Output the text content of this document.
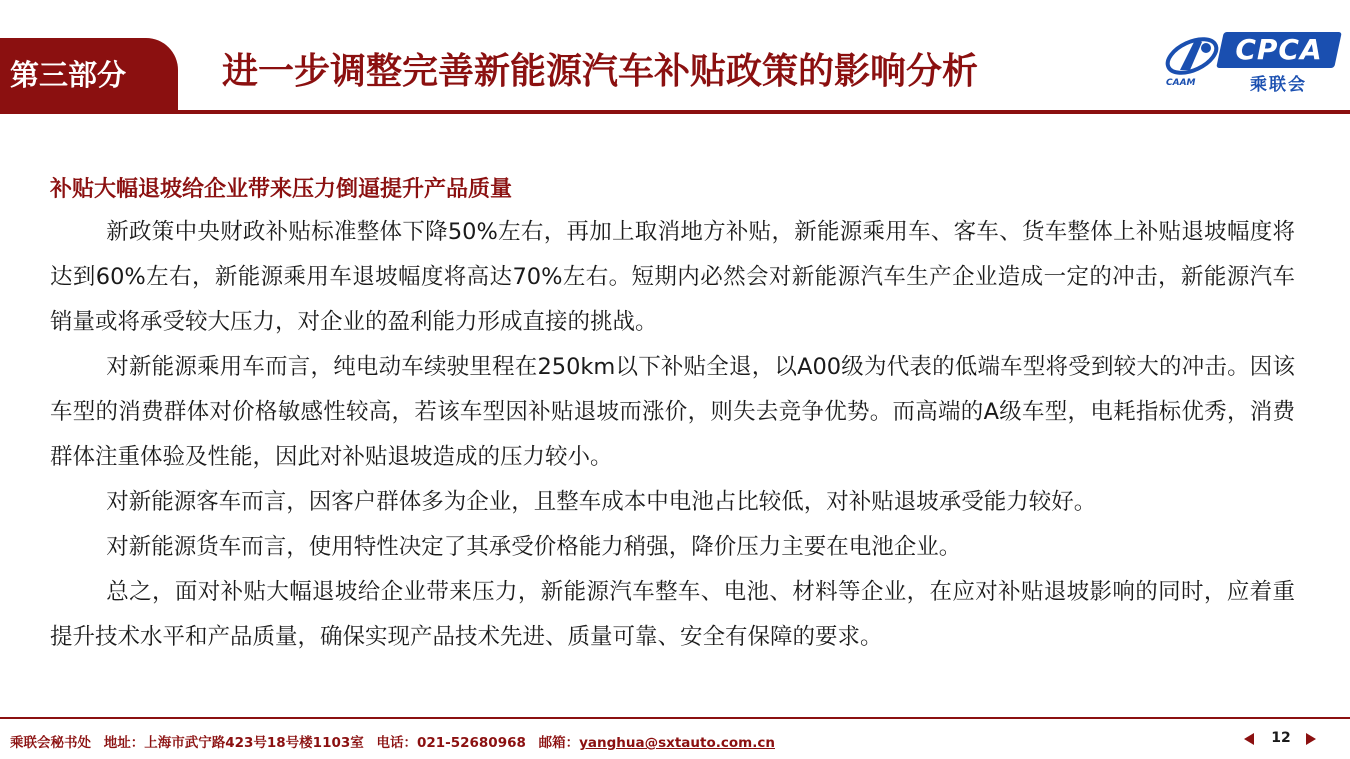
第三部分	进一步调整完善新能源汽车补贴政策的影响分析	CAAM
CPCA
乘联会

补贴大幅退坡给企业带来压力倒逼提升产品质量

新政策中央财政补贴标准整体下降50%左右，再加上取消地方补贴，新能源乘用车、客车、货车整体上补贴退坡幅度将达到60%左右，新能源乘用车退坡幅度将高达70%左右。短期内必然会对新能源汽车生产企业造成一定的冲击，新能源汽车销量或将承受较大压力，对企业的盈利能力形成直接的挑战。

对新能源乘用车而言，纯电动车续驶里程在250km以下补贴全退，以A00级为代表的低端车型将受到较大的冲击。因该车型的消费群体对价格敏感性较高，若该车型因补贴退坡而涨价，则失去竞争优势。而高端的A级车型，电耗指标优秀，消费群体注重体验及性能，因此对补贴退坡造成的压力较小。

对新能源客车而言，因客户群体多为企业，且整车成本中电池占比较低，对补贴退坡承受能力较好。

对新能源货车而言，使用特性决定了其承受价格能力稍强，降价压力主要在电池企业。

总之，面对补贴大幅退坡给企业带来压力，新能源汽车整车、电池、材料等企业，在应对补贴退坡影响的同时，应着重提升技术水平和产品质量，确保实现产品技术先进、质量可靠、安全有保障的要求。

乘联会秘书处 地址：上海市武宁路423号18号楼1103室 电话：021-52680968 邮箱：yanghua@sxtauto.com.cn	12
